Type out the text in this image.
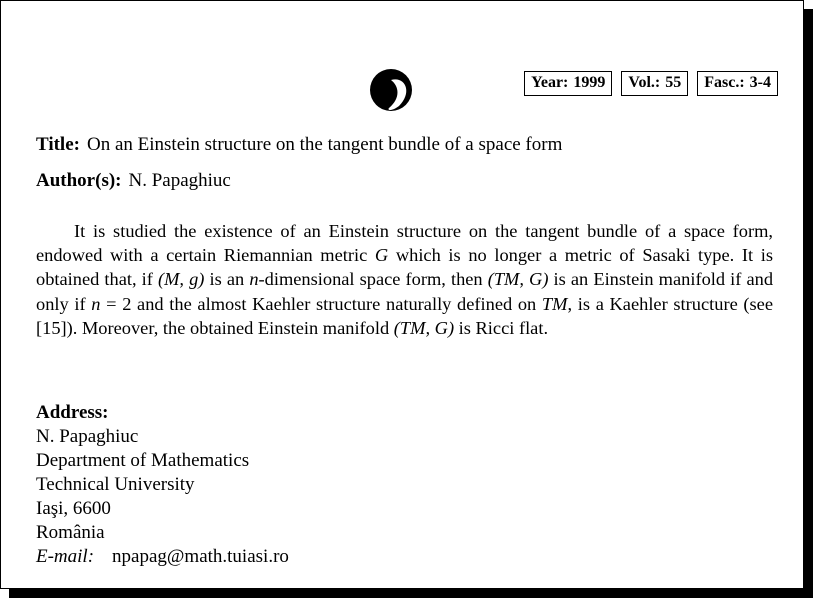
Year: 1999	Vol.: 55	Fasc.: 3-4
Title: On an Einstein structure on the tangent bundle of a space form
Author(s): N. Papaghiuc

It is studied the existence of an Einstein structure on the tangent bundle of a space form, endowed with a certain Riemannian metric G which is no longer a metric of Sasaki type. It is obtained that, if (M, g) is an n-dimensional space form, then (TM, G) is an Einstein manifold if and only if n = 2 and the almost Kaehler structure naturally defined on TM, is a Kaehler structure (see [15]). Moreover, the obtained Einstein manifold (TM, G) is Ricci flat.

Address:
N. Papaghiuc
Department of Mathematics
Technical University
Iaşi, 6600
România
E-mail: npapag@math.tuiasi.ro
